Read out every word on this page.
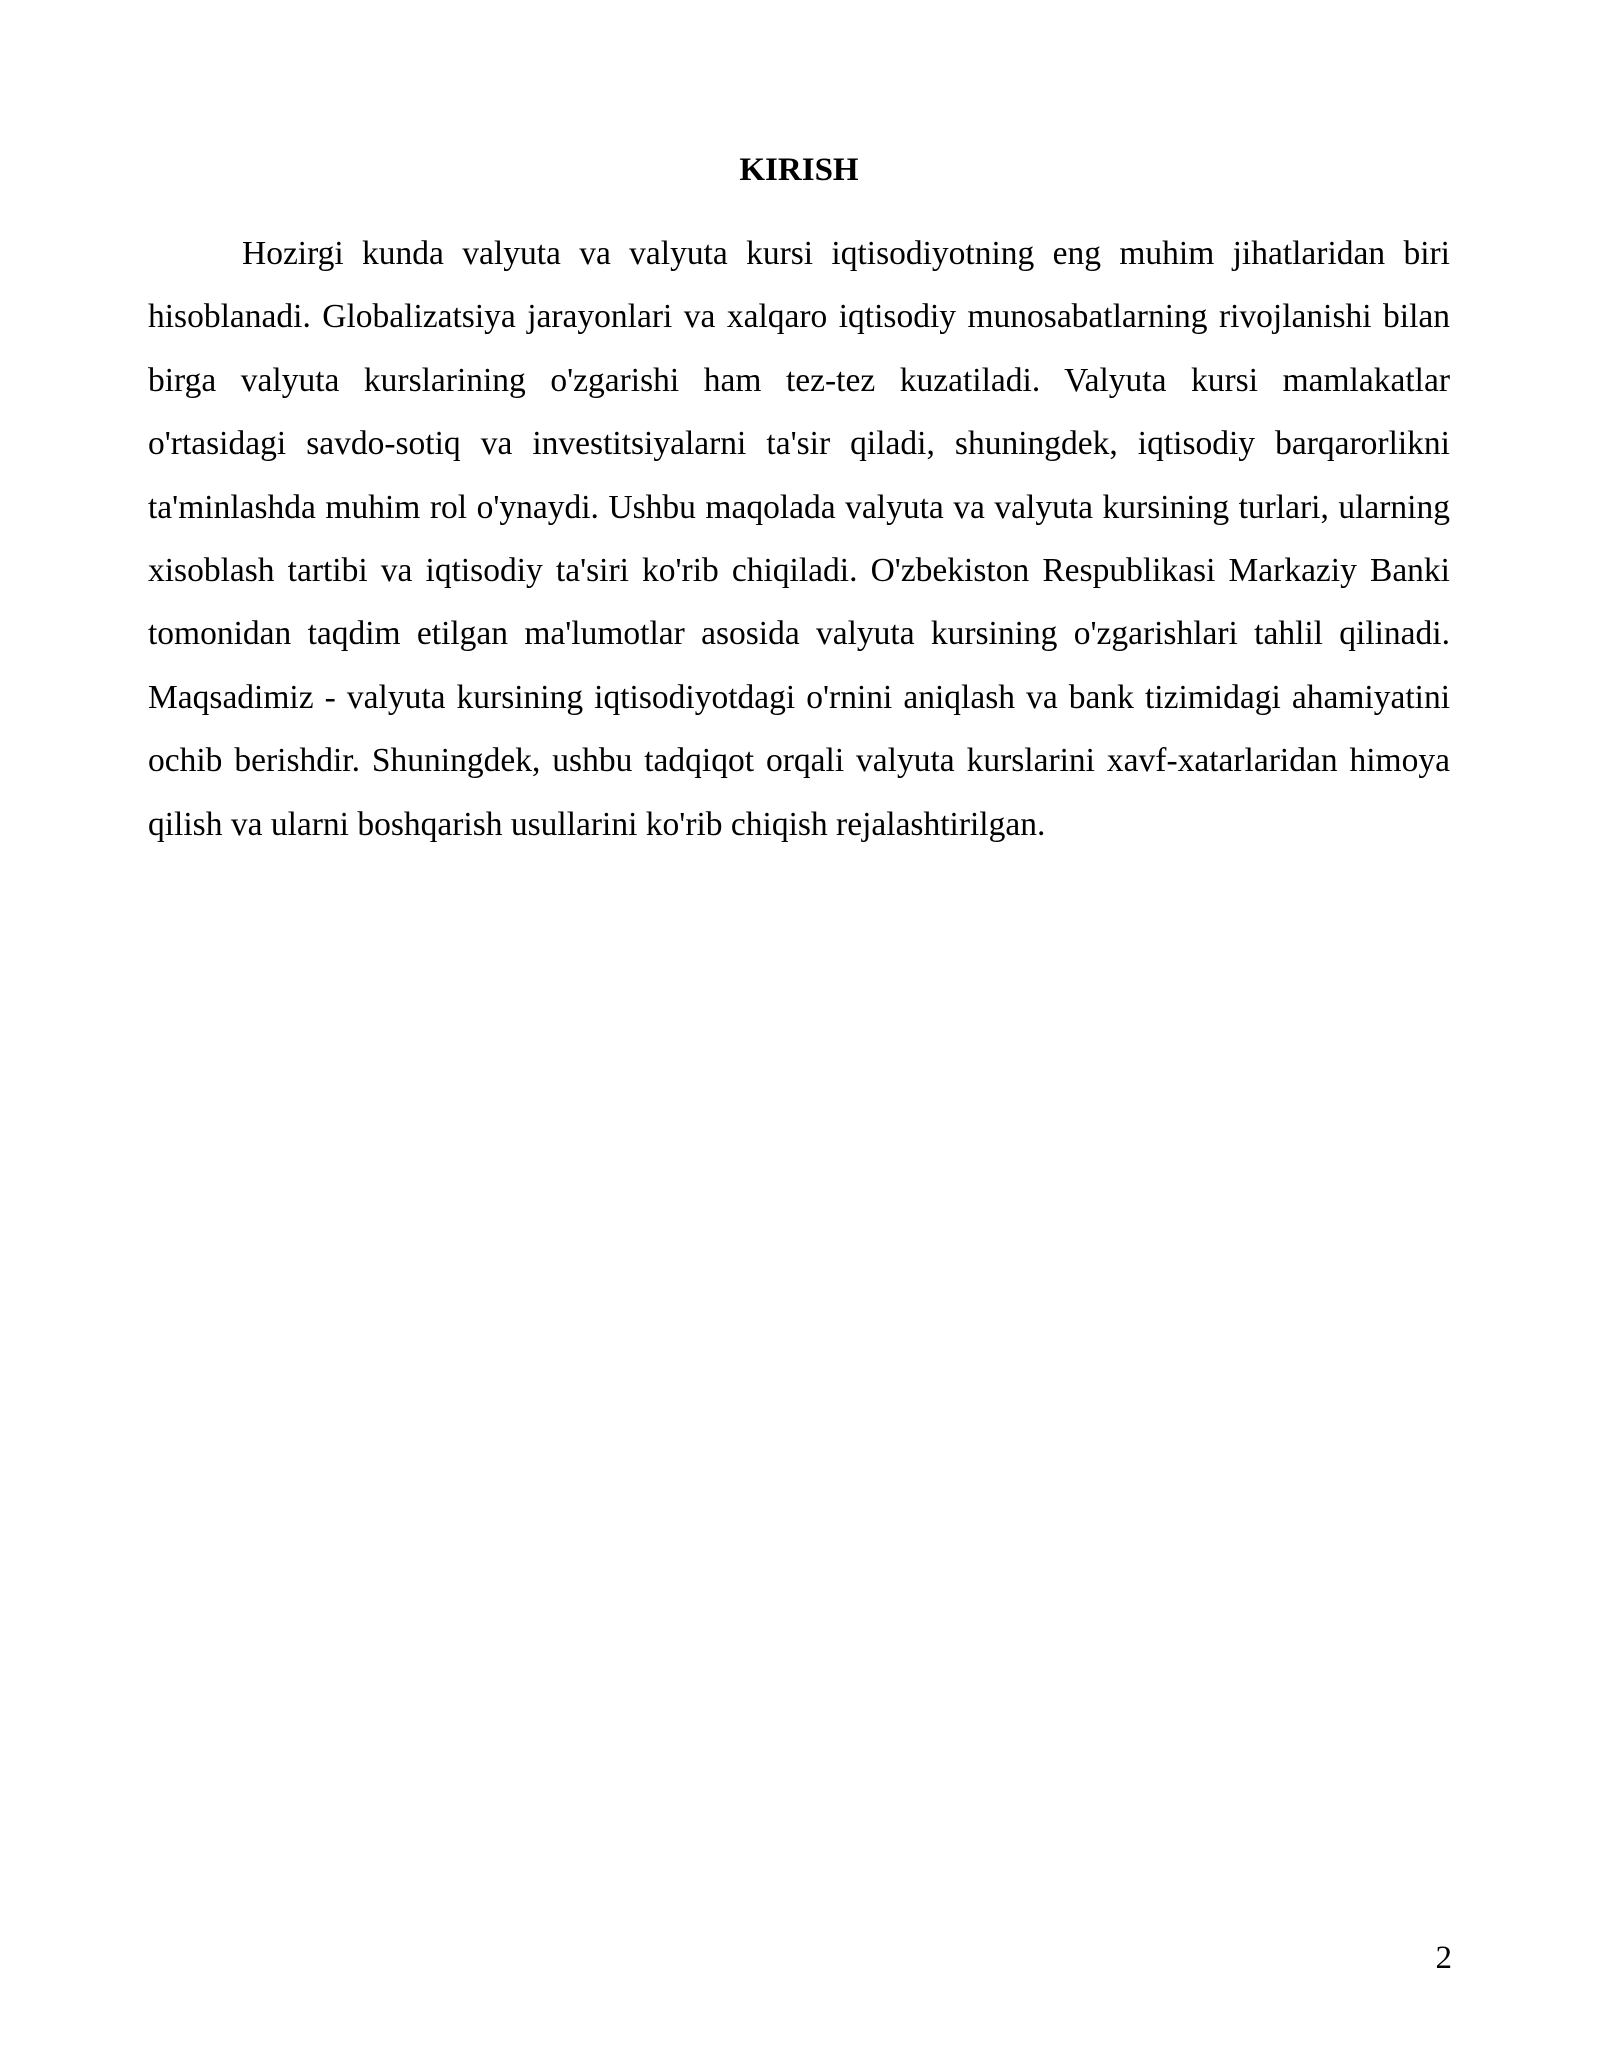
KIRISH

Hozirgi kunda valyuta va valyuta kursi iqtisodiyotning eng muhim jihatlaridan biri hisoblanadi. Globalizatsiya jarayonlari va xalqaro iqtisodiy munosabatlarning rivojlanishi bilan birga valyuta kurslarining o'zgarishi ham tez-tez kuzatiladi. Valyuta kursi mamlakatlar o'rtasidagi savdo-sotiq va investitsiyalarni ta'sir qiladi, shuningdek, iqtisodiy barqarorlikni ta'minlashda muhim rol o'ynaydi. Ushbu maqolada valyuta va valyuta kursining turlari, ularning xisoblash tartibi va iqtisodiy ta'siri ko'rib chiqiladi. O'zbekiston Respublikasi Markaziy Banki tomonidan taqdim etilgan ma'lumotlar asosida valyuta kursining o'zgarishlari tahlil qilinadi. Maqsadimiz - valyuta kursining iqtisodiyotdagi o'rnini aniqlash va bank tizimidagi ahamiyatini ochib berishdir. Shuningdek, ushbu tadqiqot orqali valyuta kurslarini xavf-xatarlaridan himoya qilish va ularni boshqarish usullarini ko'rib chiqish rejalashtirilgan.

2
